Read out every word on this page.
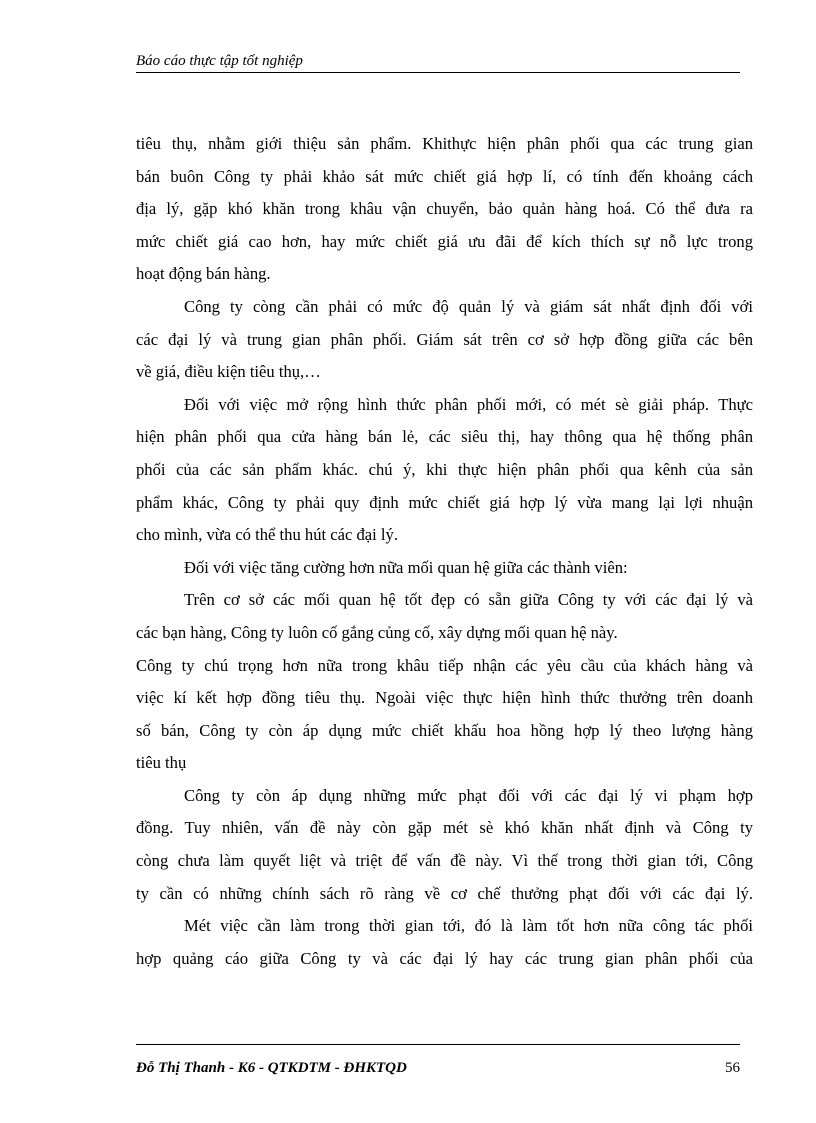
Báo cáo thực tập tốt nghiệp
tiêu thụ, nhằm giới thiệu sản phẩm. Khithực hiện phân phối qua các trung gian
bán buôn Công ty phải khảo sát mức chiết giá hợp lí, có tính đến khoảng cách
địa lý, gặp khó khăn trong khâu vận chuyển, bảo quản hàng hoá. Có thể đưa ra
mức chiết giá cao hơn, hay mức chiết giá ưu đãi để kích thích sự nỗ lực trong
hoạt động bán hàng.
Công ty còng cần phải có mức độ quản lý và giám sát nhất định đối với
các đại lý và trung gian phân phối. Giám sát trên cơ sở hợp đồng giữa các bên
về giá, điều kiện tiêu thụ,…
Đối với việc mở rộng hình thức phân phối mới, có mét sè giải pháp. Thực
hiện phân phối qua cửa hàng bán lẻ, các siêu thị, hay thông qua hệ thống phân
phối của các sản phẩm khác. chú ý, khi thực hiện phân phối qua kênh của sản
phẩm khác, Công ty phải quy định mức chiết giá hợp lý vừa mang lại lợi nhuận
cho mình, vừa có thể thu hút các đại lý.
Đối với việc tăng cường hơn nữa mối quan hệ giữa các thành viên:
Trên cơ sở các mối quan hệ tốt đẹp có sẵn giữa Công ty với các đại lý và
các bạn hàng, Công ty luôn cố gắng củng cố, xây dựng mối quan hệ này.
Công ty chú trọng hơn nữa trong khâu tiếp nhận các yêu cầu của khách hàng và
việc kí kết hợp đồng tiêu thụ. Ngoài việc thực hiện hình thức thưởng trên doanh
số bán, Công ty còn áp dụng mức chiết khấu hoa hồng hợp lý theo lượng hàng
tiêu thụ
Công ty còn áp dụng những mức phạt đối với các đại lý vi phạm hợp
đồng. Tuy nhiên, vấn đề này còn gặp mét sè khó khăn nhất định và Công ty
còng chưa làm quyết liệt và triệt để vấn đề này. Vì thế trong thời gian tới, Công
ty cần có những chính sách rõ ràng về cơ chế thưởng phạt đối với các đại lý.
Mét việc cần làm trong thời gian tới, đó là làm tốt hơn nữa công tác phối
hợp quảng cáo giữa Công ty và các đại lý hay các trung gian phân phối của
Đỗ Thị Thanh - K6 - QTKDTM - ĐHKTQD	56
